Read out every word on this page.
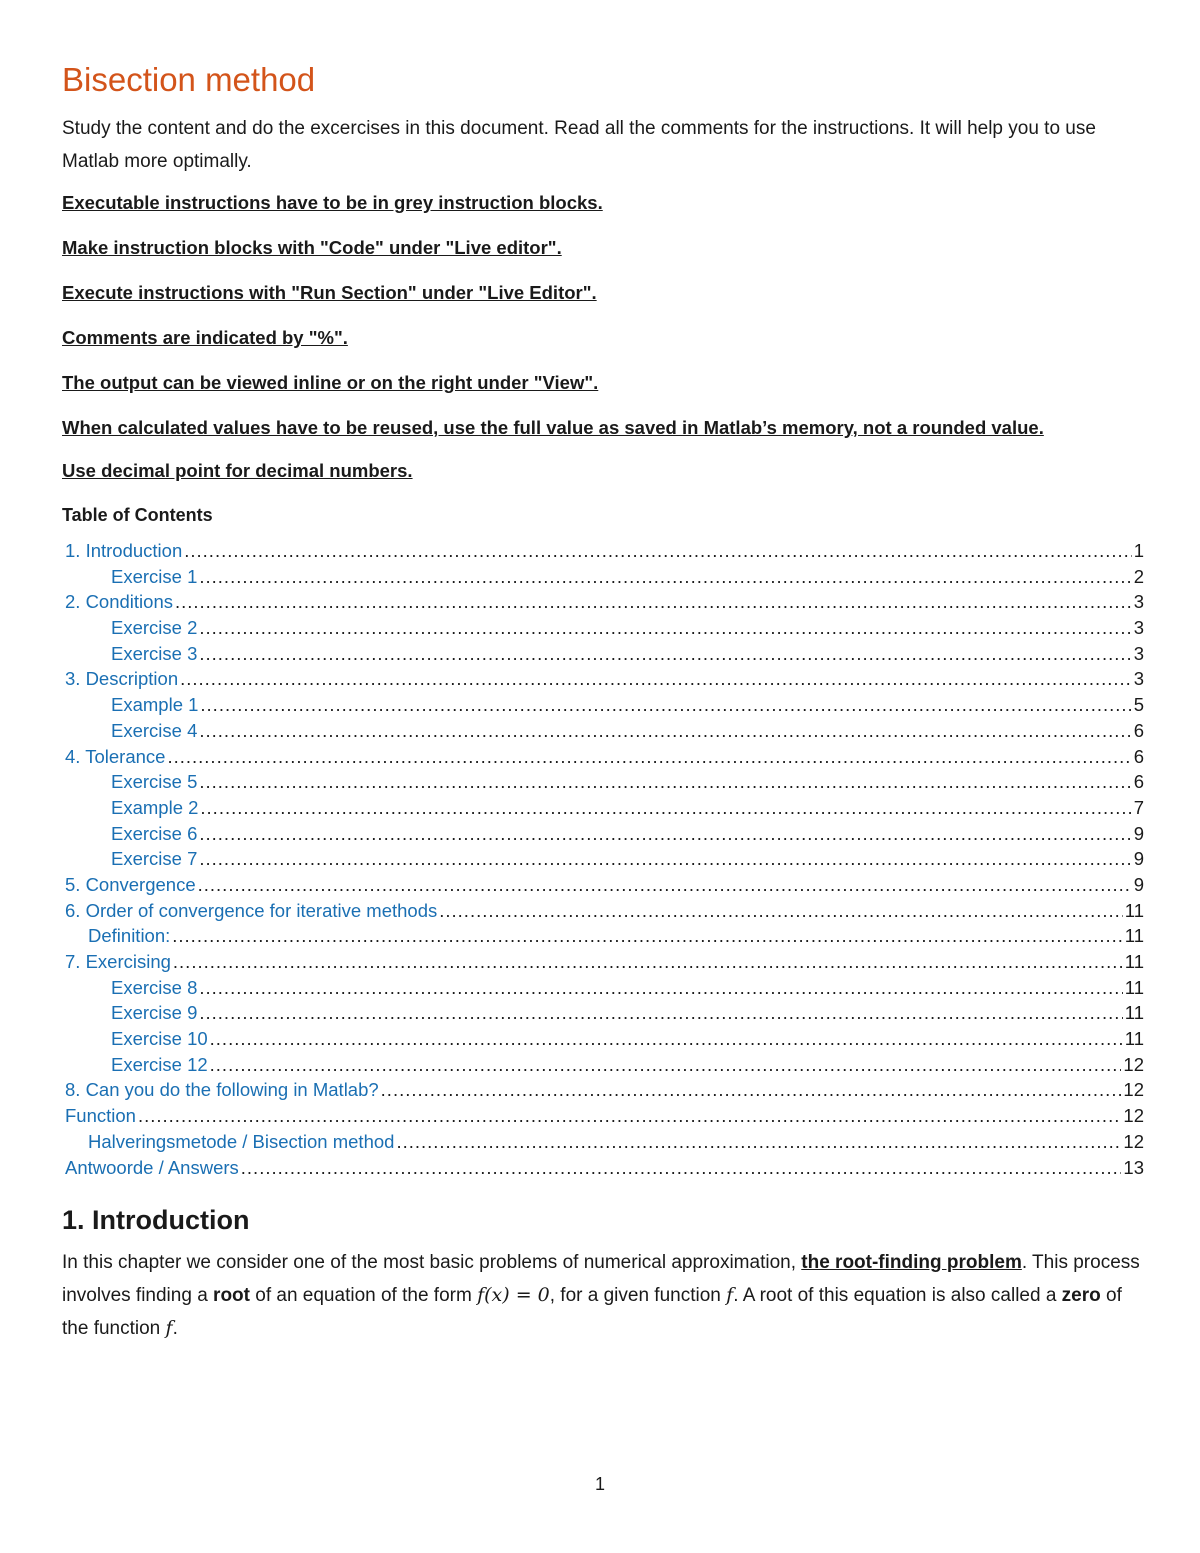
Bisection method

Study the content and do the excercises in this document. Read all the comments for the instructions. It will help you to use Matlab more optimally.

Executable instructions have to be in grey instruction blocks.

Make instruction blocks with "Code" under "Live editor".

Execute instructions with "Run Section" under "Live Editor".

Comments are indicated by "%".

The output can be viewed inline or on the right under "View".

When calculated values have to be reused, use the full value as saved in Matlab’s memory, not a rounded value.

Use decimal point for decimal numbers.

Table of Contents
1. Introduction .....	1
Exercise 1 .....	2
2. Conditions .....	3
Exercise 2 .....	3
Exercise 3 .....	3
3. Description .....	3
Example 1 .....	5
Exercise 4 .....	6
4. Tolerance .....	6
Exercise 5 .....	6
Example 2 .....	7
Exercise 6 .....	9
Exercise 7 .....	9
5. Convergence .....	9
6. Order of convergence for iterative methods .....	11
Definition: .....	11
7. Exercising .....	11
Exercise 8 .....	11
Exercise 9 .....	11
Exercise 10 .....	11
Exercise 12 .....	12
8. Can you do the following in Matlab? .....	12
Function .....	12
Halveringsmetode / Bisection method .....	12
Antwoorde / Answers .....	13
1. Introduction

In this chapter we consider one of the most basic problems of numerical approximation, the root-finding problem. This process involves finding a root of an equation of the form f(x) = 0, for a given function f. A root of this equation is also called a zero of the function f.

1
